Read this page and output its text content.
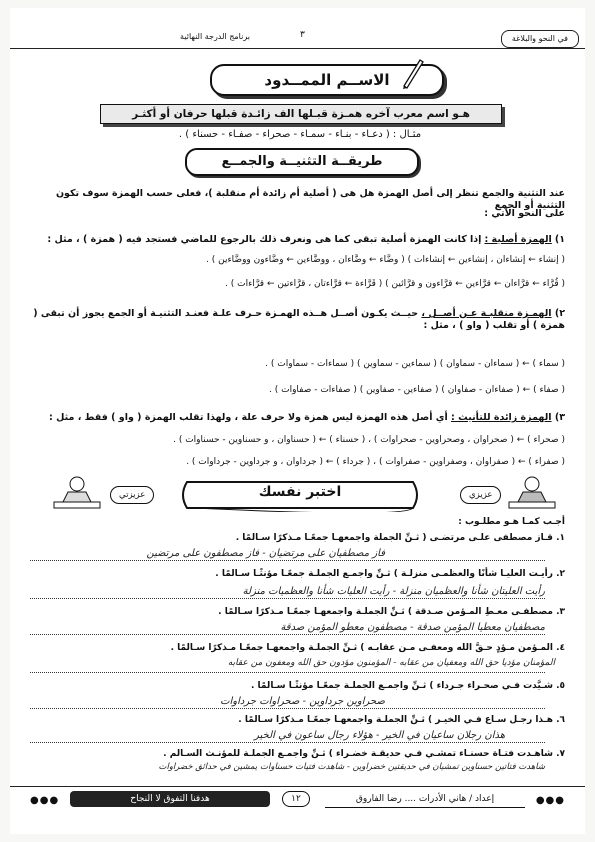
في النحو والبلاغة
۳
برنامج الدرجة النهائية
الاســم الممــدود
هـو اسم معرب آخره همـزة قبـلها الف زائـدة قبلها حرفان أو أكثـر
مثـال : ( دعـاء - بنـاء - سمـاء - صحراء - صفـاء - حسناء ) .
طريقــة التثنيــة والجمــع
عند التثنية والجمع تنظر إلى أصل الهمزة هل هى ( أصلية أم زائدة أم منقلبة )، فعلى حسب الهمزة سوف تكون التثنية أو الجمع
على النحو الآتي :
١) الهمزة أصلية : إذا كانت الهمزة أصلية تبقى كما هى ونعرف ذلك بالرجوع للماضي فستجد فيه ( همزة ) ، مثل :
( إنشاء ← إنشاءان ، إنشاءين ← إنشاءات ) ( وضَّاء ← وضَّاءان ، ووضَّاءين ← وضَّاءون ووضَّاءين ) .
( قُرَّاء ← قرَّاءان ← قرَّاءين ← قرَّاءون و قرَّائين ) ( قَرَّاءة ← قرَّاءتان ، قرَّاءتين ← قرَّاءات ) .
٢) الهمـزة منقلبـة عـن أصــل ، حيــث يكـون أصــل هــذه الهمـزة حـرف علـة فعنـد التثنيـة أو الجمع يجوز أن تبقى ( همزة ) أو تقلب ( واو ) ، مثل :
( سماء ) ← ( سماءان - سماوان ) ( سماءين - سماوين ) ( سماءات - سماوات ) .
( صفاء ) ← ( صفاءان - صفاوان ) ( صفاءين - صفاوين ) ( صفاءات - صفاوات ) .
٣) الهمزة زائدة للتأنيث : أي أصل هذه الهمزة ليس همزة ولا حرف علة ، ولهذا تقلب الهمزة ( واو ) فقط ، مثل :
( صحراء ) ← ( صحراوان ، وصحراوين - صحراوات ) ، ( حسناء ) ← ( حسناوان ، و حسناوين - حسناوات ) .
( صفراء ) ← ( صفراوان ، وصفراوين - صفراوات ) ، ( جرداء ) ← ( جرداوان ، و جرداوين - جرداوات ) .
عزيزي
عزيزتي	اختبر نفسك
أجـب كمـا هـو مطلـوب :
١. قـاز مصطفى علـى مرتضـى ( ثـنِّ الجملة واجمعهـا جمعًـا مـذكرًا سـالمًا .
فاز مصطفيان على مرتضيان - فاز مصطفون على مرتضين
٢. رأيـت العليـا شأنًا والعظمـى منزلـة ) ثـنِّ واجمـع الجملـة جمعًـا مؤنثًـا سـالمًا .
رأيت العليتان شأنا والعظميان منزلة - رأيت العليات شأنا والعظميات منزلة
٣. مصطفـى معـطِ المـؤمن صـدقة ) ثـنِّ الجملـة واجمعهـا جمعًـا مـذكرًا سـالمًا .
مصطفيان معطيا المؤمن صدقة - مصطفون معطو المؤمن صدقة
٤. المـؤمن مـؤدٍ حـقَّ الله ومعفـى مـن عقابـه ) ثـنِّ الجملـة واجمعهـا جمعًـا مـذكرًا سـالمًا .
المؤمنان مؤديا حق الله ومعفيان من عقابه - المؤمنون مؤدون حق الله ومعفون من عقابه
٥. شـيَّدت فـي صحـراء جـرداء ) ثـنِّ واجمـع الجملـة جمعًـا مؤنثًـا سـالمًا .
صحراوين جرداوين - صحراوات جرداوات
٦. هـذا رجـل سـاع فـي الخيـر ) ثـنِّ الجملـة واجمعهـا جمعًـا مـذكرًا سـالمًا .
هذان رجلان ساعيان في الخير - هؤلاء رجال ساعون في الخير
٧. شاهـدت فتـاة حسنـاء تمشـي فـي حديقـة خضـراء ) ثـنِّ واجمـع الجملـة للمؤنـث السـالم .
شاهدت فتاتين حسناوين تمشيان في حديقتين خضراوين - شاهدت فتيات حسناوات يمشين في حدائق خضراوات
●●●	هدفنا التفوق لا النجاح	١٢	إعداد / هاني الأدرات .... رضا الفاروق	●●●
